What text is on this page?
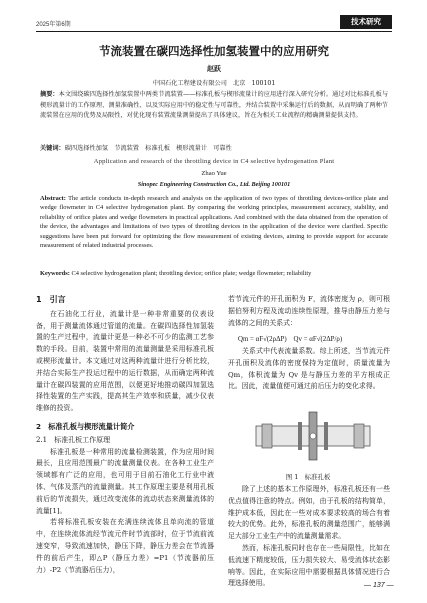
2025年第6期	技术研究
节流装置在碳四选择性加氢装置中的应用研究
赵跃
中国石化工程建设有限公司　北京　100101
摘要：本文围绕碳四选择性加氢装置中两类节流装置——标准孔板与楔形流量计的应用进行深入研究分析。通过对比标准孔板与楔形流量计的工作原理、测量准确性、以及实际应用中的稳定性与可靠性，并结合装置中采集运行后的数据，从而明确了两种节流装置在应用的优势及局限性，对优化现有装置流量测量提出了具体建议，旨在为相关工业流程的精确测量提供支持。
关键词：碳四选择性加氢　节流装置　标准孔板　楔形流量计　可靠性
Application and research of the throttling device in C4 selective hydrogenation Plant
Zhao Yue
Sinopec Engineering Construction Co., Ltd. Beijing 100101
Abstract: The article conducts in-depth research and analysis on the application of two types of throttling devices-orifice plate and wedge flowmeter in C4 selective hydrogenation plant. By comparing the working principles, measurement accuracy, stability, and reliability of orifice plates and wedge flowmeters in practical applications. And combined with the data obtained from the operation of the device, the advantages and limitations of two types of throttling devices in the application of the device were clarified. Specific suggestions have been put forward for optimizing the flow measurement of existing devices, aiming to provide support for accurate measurement of related industrial processes.
Keywords: C4 selective hydrogenation plant; throttling device; orifice plate; wedge flowmeter; reliability
1　引言

在石油化工行业，流量计是一种非常重要的仪表设备，用于测量流体通过管道的流量。在碳四选择性加氢装置的生产过程中，流量计更是一种必不可少的监测工艺参数的手段。目前，装置中常用的流量测量是采用标准孔板或楔形流量计。本文通过对这两种流量计进行分析比较，并结合实际生产投运过程中的运行数据，从而确定两种流量计在碳四装置的应用范围，以便更好地推动碳四加氢选择性装置的生产实践，提高其生产效率和质量，减少仪表维修的投资。

2　标准孔板与楔形流量计简介
2.1　标准孔板工作原理

标准孔板是一种常用的流量检测装置，作为应用时间最长，且应用范围最广的流量测量仪表。在各种工业生产领域都有广泛的应用，也可用于目前石油化工行业中液体、气体及蒸汽的流量测量。其工作原理主要是利用孔板前后的节流损失，通过改变流体的流动状态来测量流体的流量[1]。

若将标准孔板安装在充满连续流体且单向流的管道中，在连续流体流经节流元件时节流部时，位于节流前流速变窄，导致流速加快，静压下降，静压力差会在节流器件的前后产生，即△P（静压力差）=P1（节流器前压力）-P2（节流器后压力），

若节流元件的开孔面积为 F，流体密度为 ρ，则可根据伯努利方程及流动连续性原理，推导由静压力差与流体的之间的关系式：

Qm = αF√(2ρΔP)　Qv = αF√(2ΔP/ρ)

关系式中代表流量系数。综上所述，当节流元件开孔面积及流体的密度保持为定值时，质量流量为 Qm，体积流量为 Qv 是与静压力差的平方根成正比。因此，流量值便可通过前后压力的变化求得。

图 1　标准孔板

除了上述的基本工作原理外，标准孔板还有一些优点值得注意的特点。例如，由于孔板的结构简单，维护成本低，因此在一些对成本要求较高的场合有着较大的优势。此外，标准孔板的测量范围广，能够满足大部分工业生产中的流量测量需求。

然而，标准孔板同时也存在一些局限性，比如在低流速下精度较低，压力损失较大、易受流体状态影响等。因此，在实际应用中需要根据具体情况进行合理选择使用。	— 137 —
